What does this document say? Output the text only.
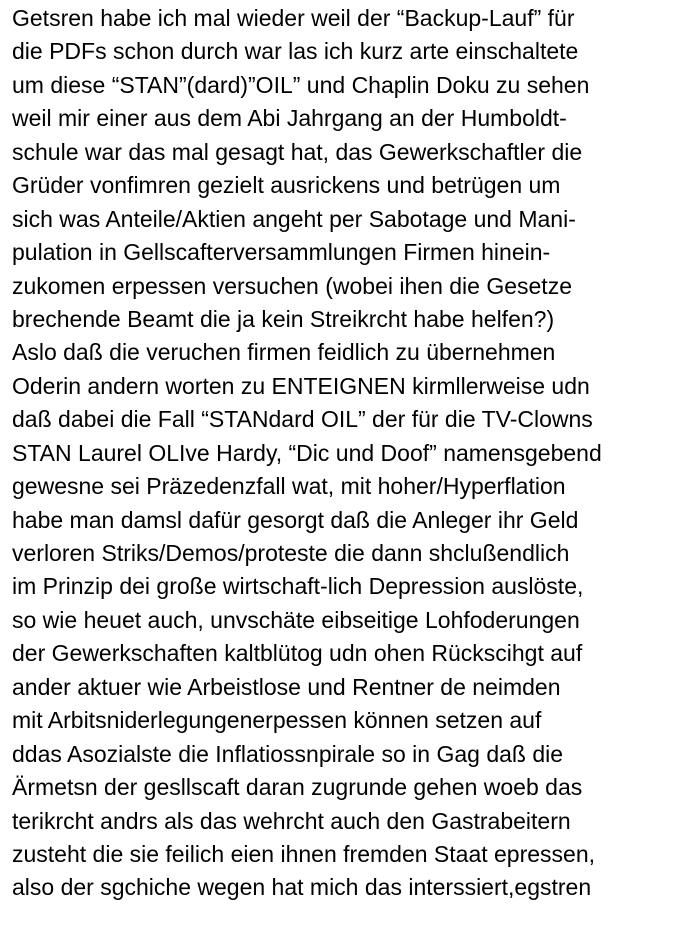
Getsren habe ich mal wieder weil der “Backup-Lauf” für
die PDFs schon durch war las ich kurz arte einschaltete
um diese “STAN”(dard)”OIL” und Chaplin Doku zu sehen
weil mir einer aus dem Abi Jahrgang an der Humboldt-
schule war das mal gesagt hat, das Gewerkschaftler die
Grüder vonfimren gezielt ausrickens und betrügen um
sich was Anteile/Aktien angeht per Sabotage und Mani-
pulation in Gellscafterversammlungen Firmen hinein-
zukomen erpessen versuchen (wobei ihen die Gesetze
brechende Beamt die ja kein Streikrcht habe helfen?)
Aslo daß die veruchen firmen feidlich zu übernehmen
Oderin andern worten zu ENTEIGNEN kirmllerweise udn
daß dabei die Fall “STANdard OIL” der für die TV-Clowns
STAN Laurel OLIve Hardy, “Dic und Doof” namensgebend
gewesne sei Präzedenzfall wat, mit hoher/Hyperflation
habe man damsl dafür gesorgt daß die Anleger ihr Geld
verloren Striks/Demos/proteste die dann shclußendlich
im Prinzip dei große wirtschaft-lich Depression auslöste,
so wie heuet auch, unvschäte eibseitige Lohfoderungen
der Gewerkschaften kaltblütog udn ohen Rückscihgt auf
ander aktuer wie Arbeistlose und Rentner de neimden
mit Arbitsniderlegungenerpessen können setzen auf
ddas Asozialste die Inflatiossnpirale so in Gag daß die
Ärmetsn der gesllscaft daran zugrunde gehen woeb das
terikrcht andrs als das wehrcht auch den Gastrabeitern
zusteht die sie feilich eien ihnen fremden Staat epressen,
also der sgchiche wegen hat mich das interssiert,egstren
